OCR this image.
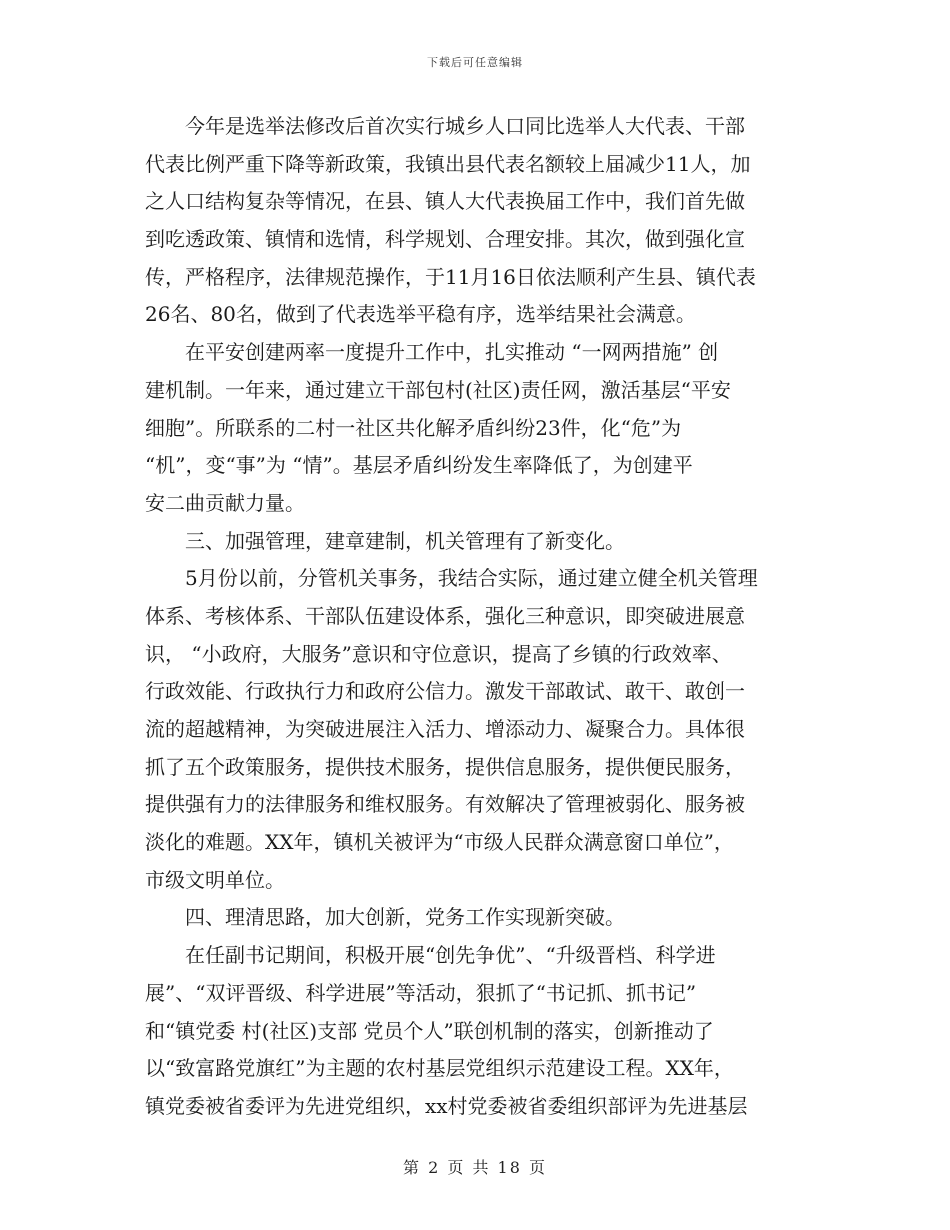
下载后可任意编辑
今年是选举法修改后首次实行城乡人口同比选举人大代表、干部
代表比例严重下降等新政策，我镇出县代表名额较上届减少11人，加
之人口结构复杂等情况，在县、镇人大代表换届工作中，我们首先做
到吃透政策、镇情和选情，科学规划、合理安排。其次，做到强化宣
传，严格程序，法律规范操作，于11月16日依法顺利产生县、镇代表
26名、80名，做到了代表选举平稳有序，选举结果社会满意。
在平安创建两率一度提升工作中，扎实推动 “一网两措施” 创
建机制。一年来，通过建立干部包村(社区)责任网，激活基层“平安
细胞”。所联系的二村一社区共化解矛盾纠纷23件，化“危”为
“机”，变“事”为 “情”。基层矛盾纠纷发生率降低了，为创建平
安二曲贡献力量。
三、加强管理，建章建制，机关管理有了新变化。
5月份以前，分管机关事务，我结合实际，通过建立健全机关管理
体系、考核体系、干部队伍建设体系，强化三种意识，即突破进展意
识， “小政府，大服务”意识和守位意识，提高了乡镇的行政效率、
行政效能、行政执行力和政府公信力。激发干部敢试、敢干、敢创一
流的超越精神，为突破进展注入活力、增添动力、凝聚合力。具体很
抓了五个政策服务，提供技术服务，提供信息服务，提供便民服务，
提供强有力的法律服务和维权服务。有效解决了管理被弱化、服务被
淡化的难题。XX年，镇机关被评为“市级人民群众满意窗口单位”，
市级文明单位。
四、理清思路，加大创新，党务工作实现新突破。
在任副书记期间，积极开展“创先争优”、“升级晋档、科学进
展”、“双评晋级、科学进展”等活动，狠抓了“书记抓、抓书记”
和“镇党委 村(社区)支部 党员个人”联创机制的落实，创新推动了
以“致富路党旗红”为主题的农村基层党组织示范建设工程。XX年，
镇党委被省委评为先进党组织，xx村党委被省委组织部评为先进基层
第 2 页 共 18 页
